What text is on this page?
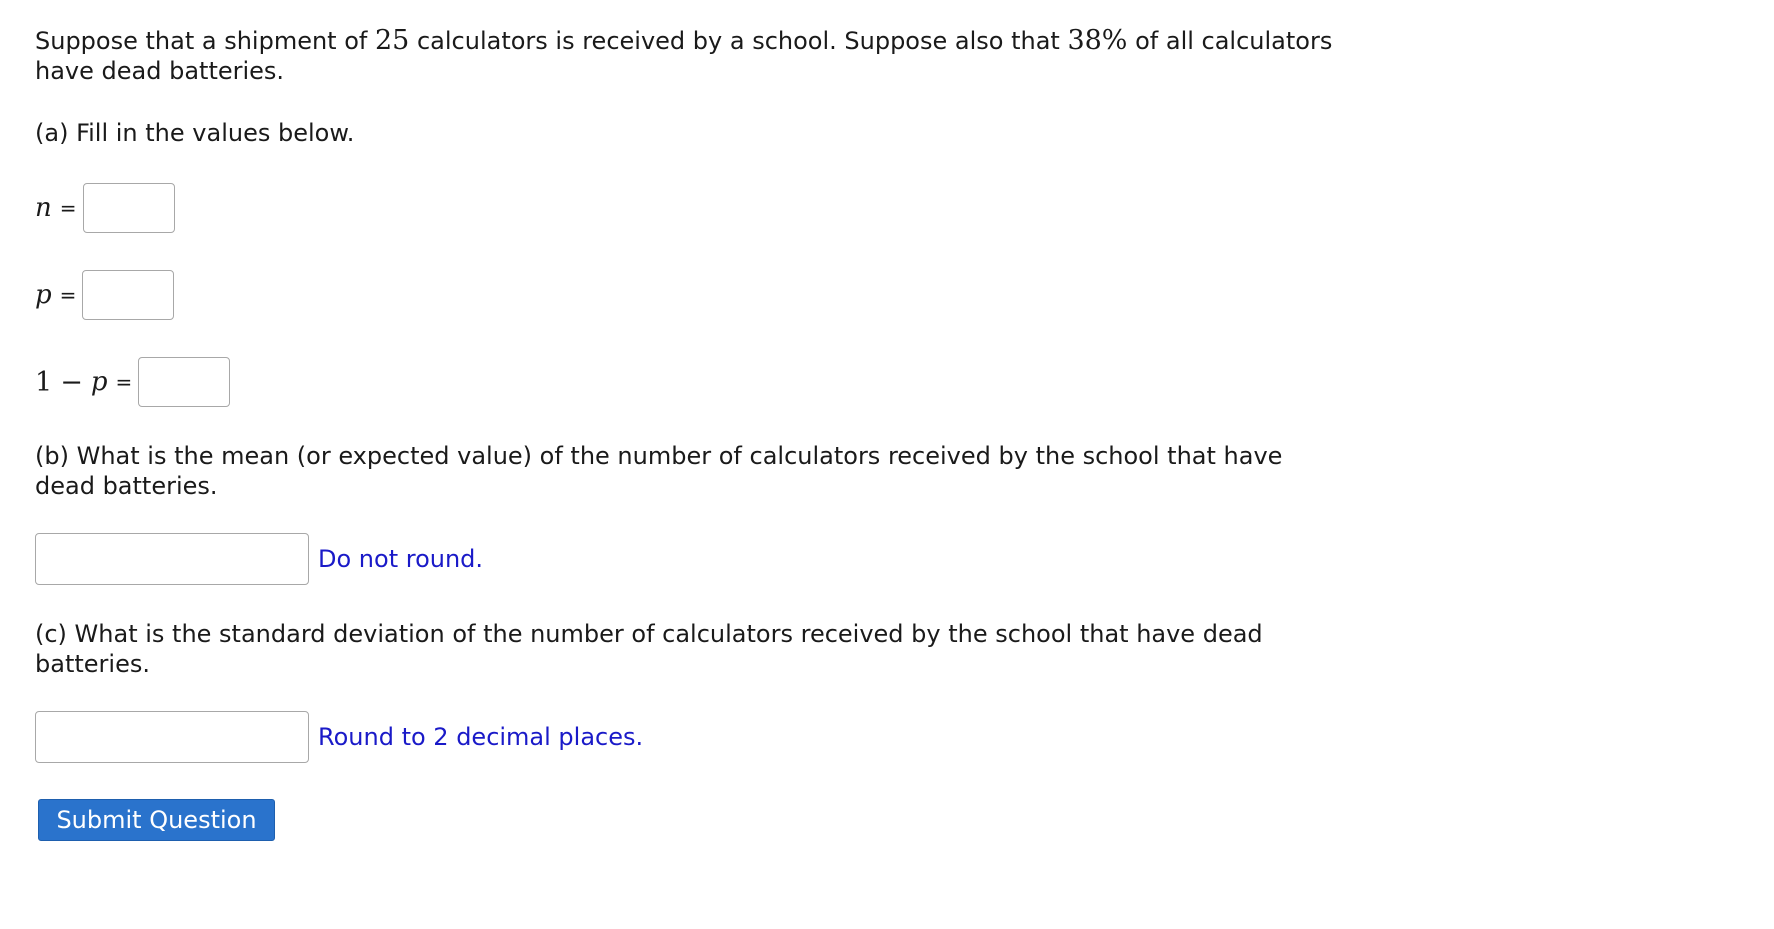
Suppose that a shipment of 25 calculators is received by a school. Suppose also that 38% of all calculators have dead batteries.
(a) Fill in the values below.
n =
p =
1 − p =
(b) What is the mean (or expected value) of the number of calculators received by the school that have dead batteries.
Do not round.
(c) What is the standard deviation of the number of calculators received by the school that have dead batteries.
Round to 2 decimal places.
Submit Question
